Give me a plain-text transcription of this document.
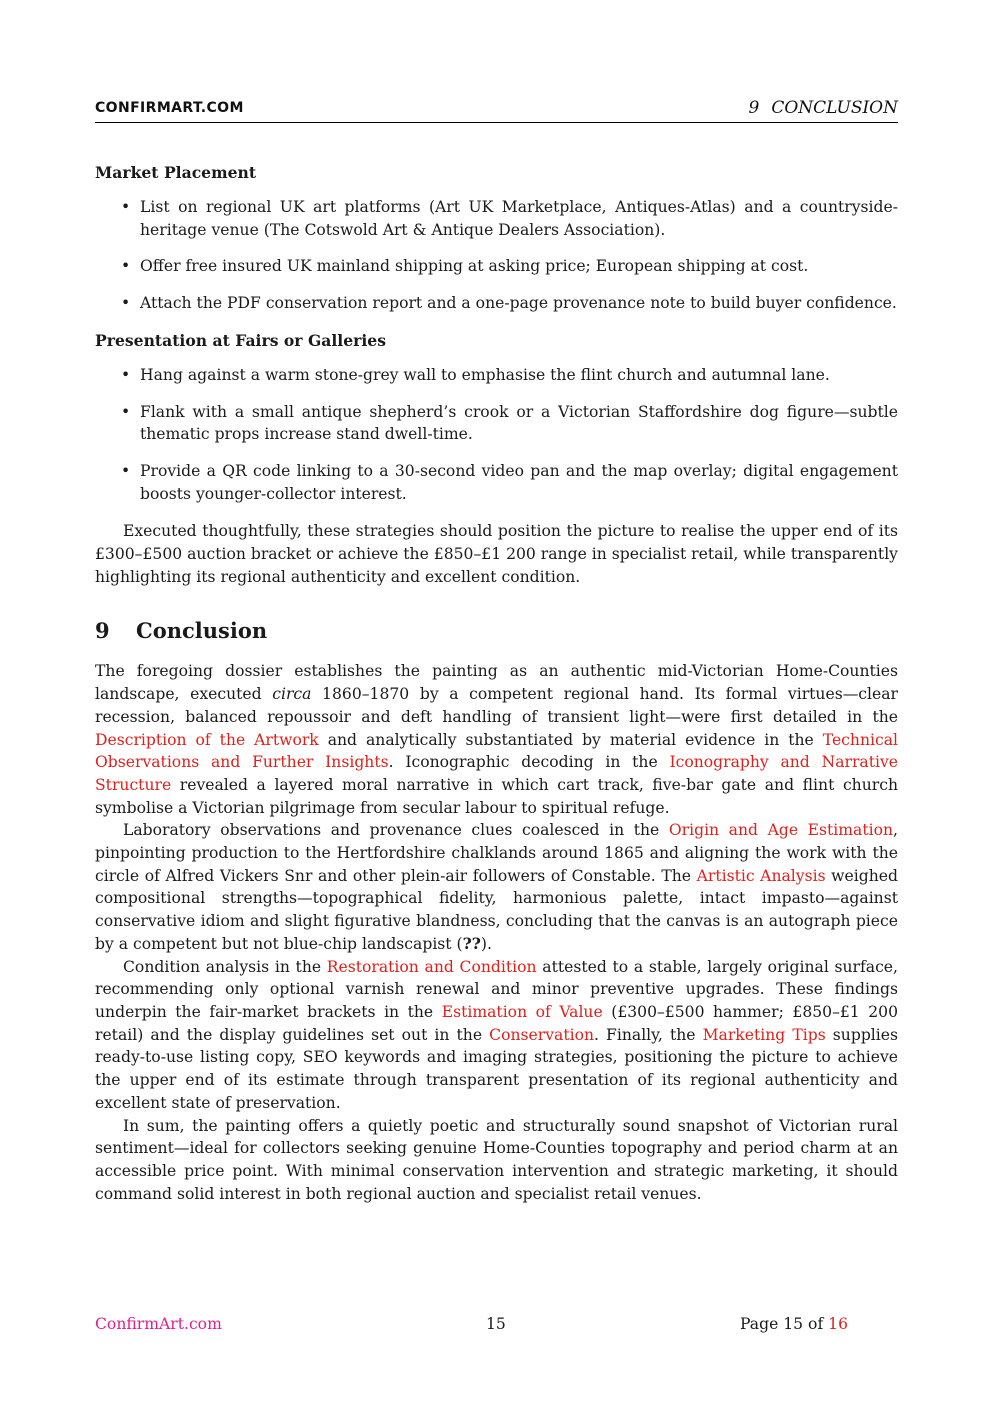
CONFIRMART.COM	9 CONCLUSION
Market Placement
• List on regional UK art platforms (Art UK Marketplace, Antiques-Atlas) and a countryside-heritage venue (The Cotswold Art & Antique Dealers Association).
• Offer free insured UK mainland shipping at asking price; European shipping at cost.
• Attach the PDF conservation report and a one-page provenance note to build buyer confidence.
Presentation at Fairs or Galleries
• Hang against a warm stone-grey wall to emphasise the flint church and autumnal lane.
• Flank with a small antique shepherd’s crook or a Victorian Staffordshire dog figure—subtle thematic props increase stand dwell-time.
• Provide a QR code linking to a 30-second video pan and the map overlay; digital engagement boosts younger-collector interest.

Executed thoughtfully, these strategies should position the picture to realise the upper end of its £300–£500 auction bracket or achieve the £850–£1 200 range in specialist retail, while transparently highlighting its regional authenticity and excellent condition.

9 Conclusion

The foregoing dossier establishes the painting as an authentic mid-Victorian Home-Counties landscape, executed circa 1860–1870 by a competent regional hand. Its formal virtues—clear recession, balanced repoussoir and deft handling of transient light—were first detailed in the Description of the Artwork and analytically substantiated by material evidence in the Technical Observations and Further Insights. Iconographic decoding in the Iconography and Narrative Structure revealed a layered moral narrative in which cart track, five-bar gate and flint church symbolise a Victorian pilgrimage from secular labour to spiritual refuge.

Laboratory observations and provenance clues coalesced in the Origin and Age Estimation, pinpointing production to the Hertfordshire chalklands around 1865 and aligning the work with the circle of Alfred Vickers Snr and other plein-air followers of Constable. The Artistic Analysis weighed compositional strengths—topographical fidelity, harmonious palette, intact impasto—against conservative idiom and slight figurative blandness, concluding that the canvas is an autograph piece by a competent but not blue-chip landscapist (??).

Condition analysis in the Restoration and Condition attested to a stable, largely original surface, recommending only optional varnish renewal and minor preventive upgrades. These findings underpin the fair-market brackets in the Estimation of Value (£300–£500 hammer; £850–£1 200 retail) and the display guidelines set out in the Conservation. Finally, the Marketing Tips supplies ready-to-use listing copy, SEO keywords and imaging strategies, positioning the picture to achieve the upper end of its estimate through transparent presentation of its regional authenticity and excellent state of preservation.

In sum, the painting offers a quietly poetic and structurally sound snapshot of Victorian rural sentiment—ideal for collectors seeking genuine Home-Counties topography and period charm at an accessible price point. With minimal conservation intervention and strategic marketing, it should command solid interest in both regional auction and specialist retail venues.

ConfirmArt.com	15	Page 15 of 16
